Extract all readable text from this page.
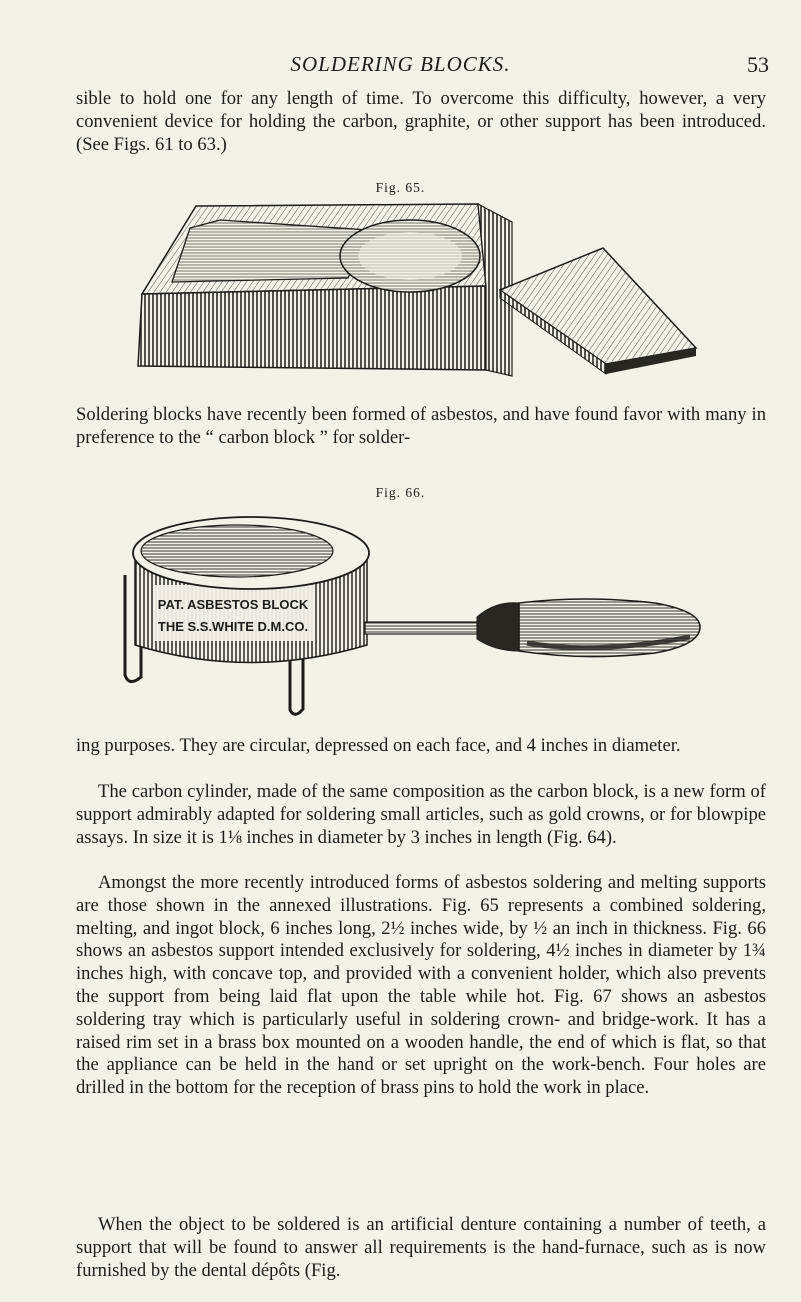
SOLDERING BLOCKS.	53

sible to hold one for any length of time. To overcome this difficulty, however, a very convenient device for holding the carbon, graphite, or other support has been introduced. (See Figs. 61 to 63.)

Fig. 65.

Soldering blocks have recently been formed of asbestos, and have found favor with many in preference to the “ carbon block ” for solder-

Fig. 66.
PAT. ASBESTOS BLOCK
THE S.S.WHITE D.M.CO.

ing purposes. They are circular, depressed on each face, and 4 inches in diameter.

The carbon cylinder, made of the same composition as the carbon block, is a new form of support admirably adapted for soldering small articles, such as gold crowns, or for blowpipe assays. In size it is 1⅛ inches in diameter by 3 inches in length (Fig. 64).

Amongst the more recently introduced forms of asbestos soldering and melting supports are those shown in the annexed illustrations. Fig. 65 represents a combined soldering, melting, and ingot block, 6 inches long, 2½ inches wide, by ½ an inch in thickness. Fig. 66 shows an asbestos support intended exclusively for soldering, 4½ inches in diameter by 1¾ inches high, with concave top, and provided with a convenient holder, which also prevents the support from being laid flat upon the table while hot. Fig. 67 shows an asbestos soldering tray which is particularly useful in soldering crown- and bridge-work. It has a raised rim set in a brass box mounted on a wooden handle, the end of which is flat, so that the appliance can be held in the hand or set upright on the work-bench. Four holes are drilled in the bottom for the reception of brass pins to hold the work in place.

When the object to be soldered is an artificial denture containing a number of teeth, a support that will be found to answer all requirements is the hand-furnace, such as is now furnished by the dental dépôts (Fig.
